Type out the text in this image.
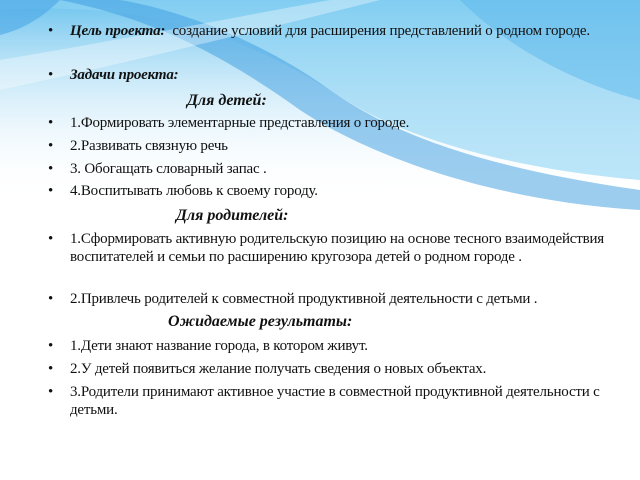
• Цель проекта: создание условий для расширения представлений о родном городе.
• Задачи проекта:
Для детей:
• 1.Формировать элементарные представления о городе.
• 2.Развивать связную речь
• 3. Обогащать словарный запас .
• 4.Воспитывать любовь к своему городу.
Для родителей:
• 1.Сформировать активную родительскую позицию на основе тесного взаимодействия воспитателей и семьи по расширению кругозора детей о родном городе .
• 2.Привлечь родителей к совместной продуктивной деятельности с детьми .
Ожидаемые результаты:
• 1.Дети знают название города, в котором живут.
• 2.У детей появиться желание получать сведения о новых объектах.
• 3.Родители принимают активное участие в совместной продуктивной деятельности с детьми.
